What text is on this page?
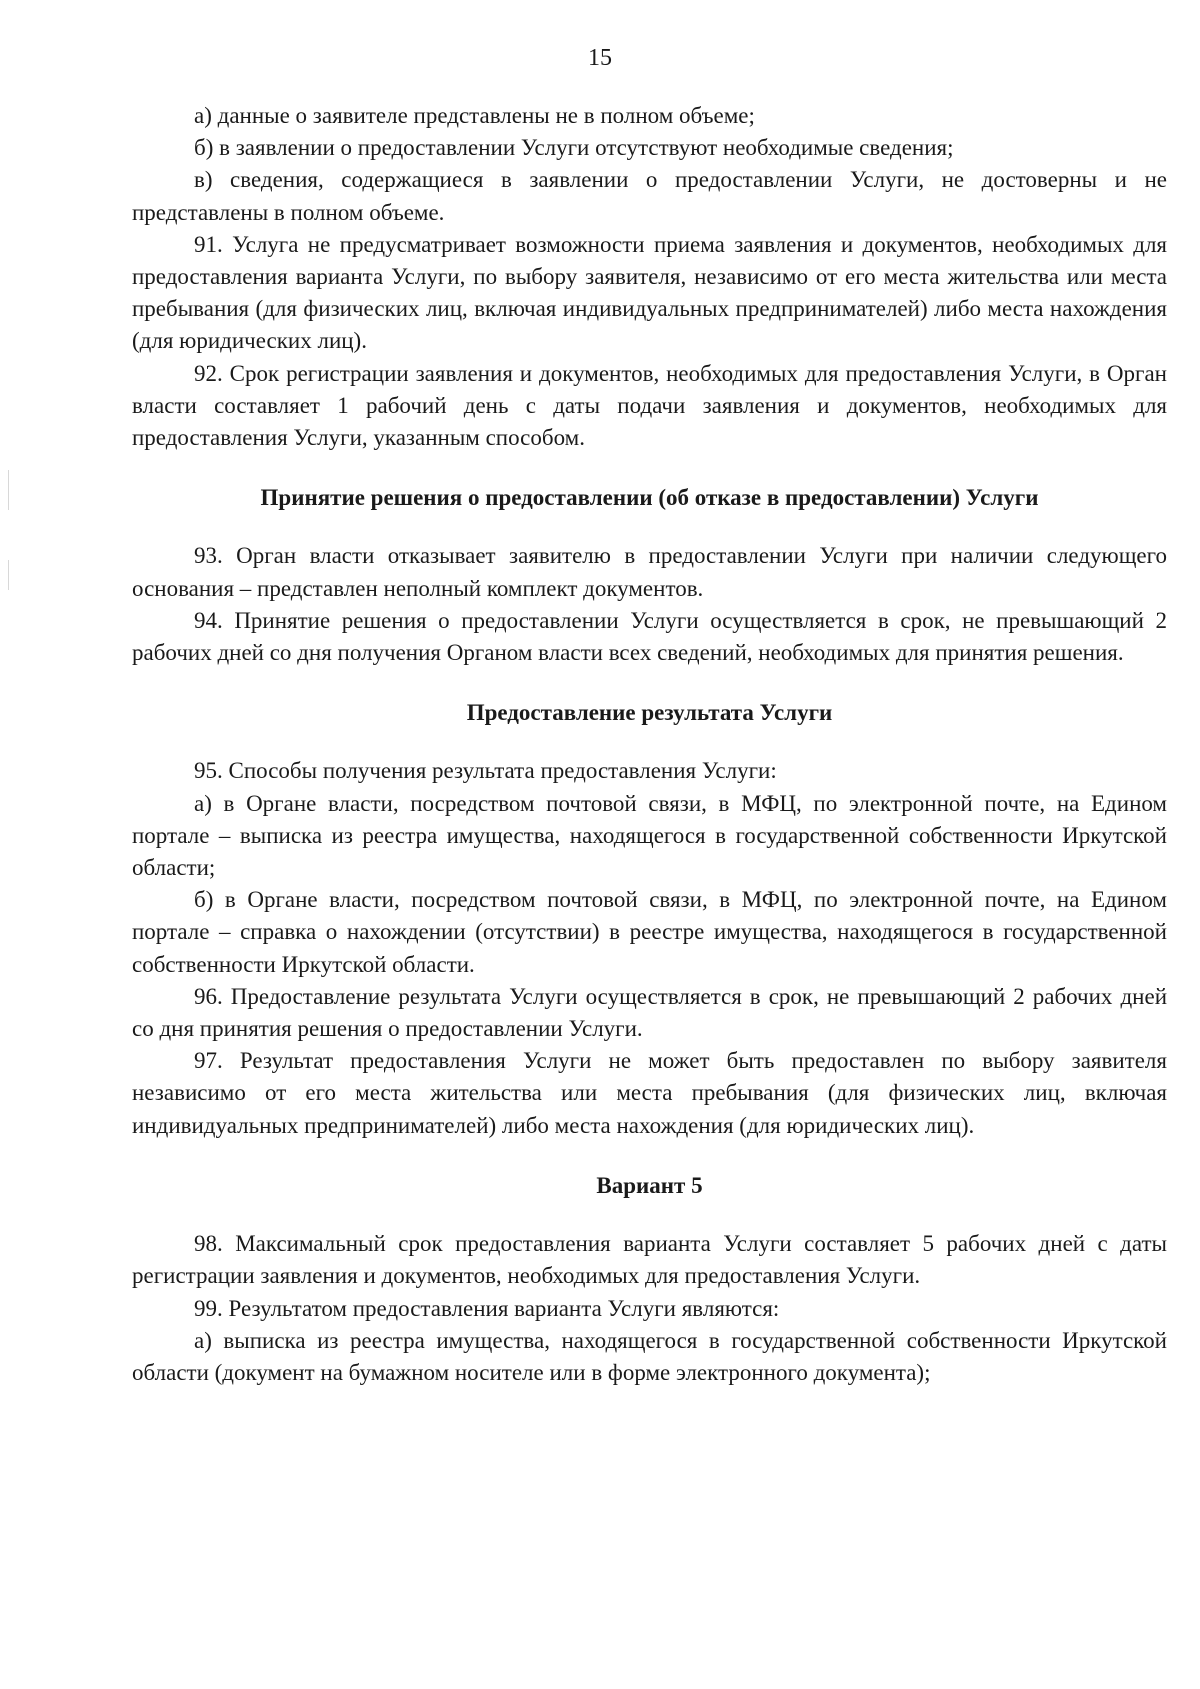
15

а) данные о заявителе представлены не в полном объеме;

б) в заявлении о предоставлении Услуги отсутствуют необходимые сведения;

в) сведения, содержащиеся в заявлении о предоставлении Услуги, не достоверны и не представлены в полном объеме.

91. Услуга не предусматривает возможности приема заявления и документов, необходимых для предоставления варианта Услуги, по выбору заявителя, независимо от его места жительства или места пребывания (для физических лиц, включая индивидуальных предпринимателей) либо места нахождения (для юридических лиц).

92. Срок регистрации заявления и документов, необходимых для предоставления Услуги, в Орган власти составляет 1 рабочий день с даты подачи заявления и документов, необходимых для предоставления Услуги, указанным способом.

Принятие решения о предоставлении (об отказе в предоставлении) Услуги

93. Орган власти отказывает заявителю в предоставлении Услуги при наличии следующего основания – представлен неполный комплект документов.

94. Принятие решения о предоставлении Услуги осуществляется в срок, не превышающий 2 рабочих дней со дня получения Органом власти всех сведений, необходимых для принятия решения.

Предоставление результата Услуги

95. Способы получения результата предоставления Услуги:

а) в Органе власти, посредством почтовой связи, в МФЦ, по электронной почте, на Едином портале – выписка из реестра имущества, находящегося в государственной собственности Иркутской области;

б) в Органе власти, посредством почтовой связи, в МФЦ, по электронной почте, на Едином портале – справка о нахождении (отсутствии) в реестре имущества, находящегося в государственной собственности Иркутской области.

96. Предоставление результата Услуги осуществляется в срок, не превышающий 2 рабочих дней со дня принятия решения о предоставлении Услуги.

97. Результат предоставления Услуги не может быть предоставлен по выбору заявителя независимо от его места жительства или места пребывания (для физических лиц, включая индивидуальных предпринимателей) либо места нахождения (для юридических лиц).

Вариант 5

98. Максимальный срок предоставления варианта Услуги составляет 5 рабочих дней с даты регистрации заявления и документов, необходимых для предоставления Услуги.

99. Результатом предоставления варианта Услуги являются:

а) выписка из реестра имущества, находящегося в государственной собственности Иркутской области (документ на бумажном носителе или в форме электронного документа);
